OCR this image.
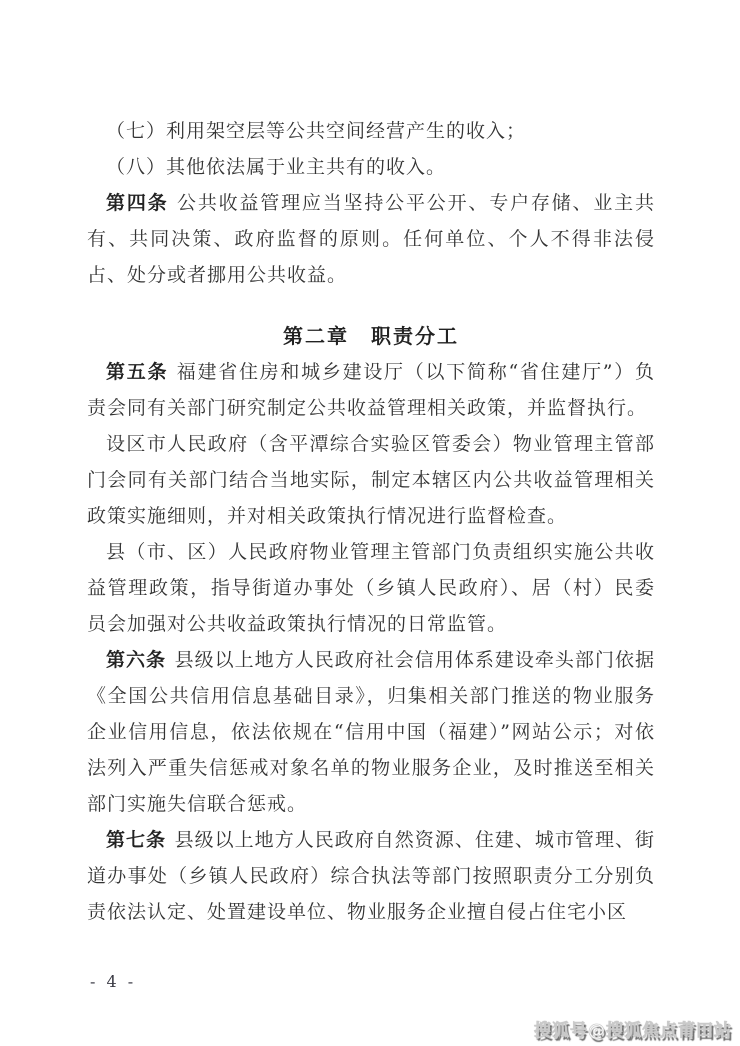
（七）利用架空层等公共空间经营产生的收入；

（八）其他依法属于业主共有的收入。

第四条 公共收益管理应当坚持公平公开、专户存储、业主共有、共同决策、政府监督的原则。任何单位、个人不得非法侵占、处分或者挪用公共收益。

第二章　职责分工

第五条 福建省住房和城乡建设厅（以下简称“省住建厅”）负责会同有关部门研究制定公共收益管理相关政策，并监督执行。

设区市人民政府（含平潭综合实验区管委会）物业管理主管部门会同有关部门结合当地实际，制定本辖区内公共收益管理相关政策实施细则，并对相关政策执行情况进行监督检查。

县（市、区）人民政府物业管理主管部门负责组织实施公共收益管理政策，指导街道办事处（乡镇人民政府）、居（村）民委员会加强对公共收益政策执行情况的日常监管。

第六条 县级以上地方人民政府社会信用体系建设牵头部门依据《全国公共信用信息基础目录》，归集相关部门推送的物业服务企业信用信息，依法依规在“信用中国（福建）”网站公示；对依法列入严重失信惩戒对象名单的物业服务企业，及时推送至相关部门实施失信联合惩戒。

第七条 县级以上地方人民政府自然资源、住建、城市管理、街道办事处（乡镇人民政府）综合执法等部门按照职责分工分别负责依法认定、处置建设单位、物业服务企业擅自侵占住宅小区

- 4 -
搜狐号@搜狐焦点莆田站
